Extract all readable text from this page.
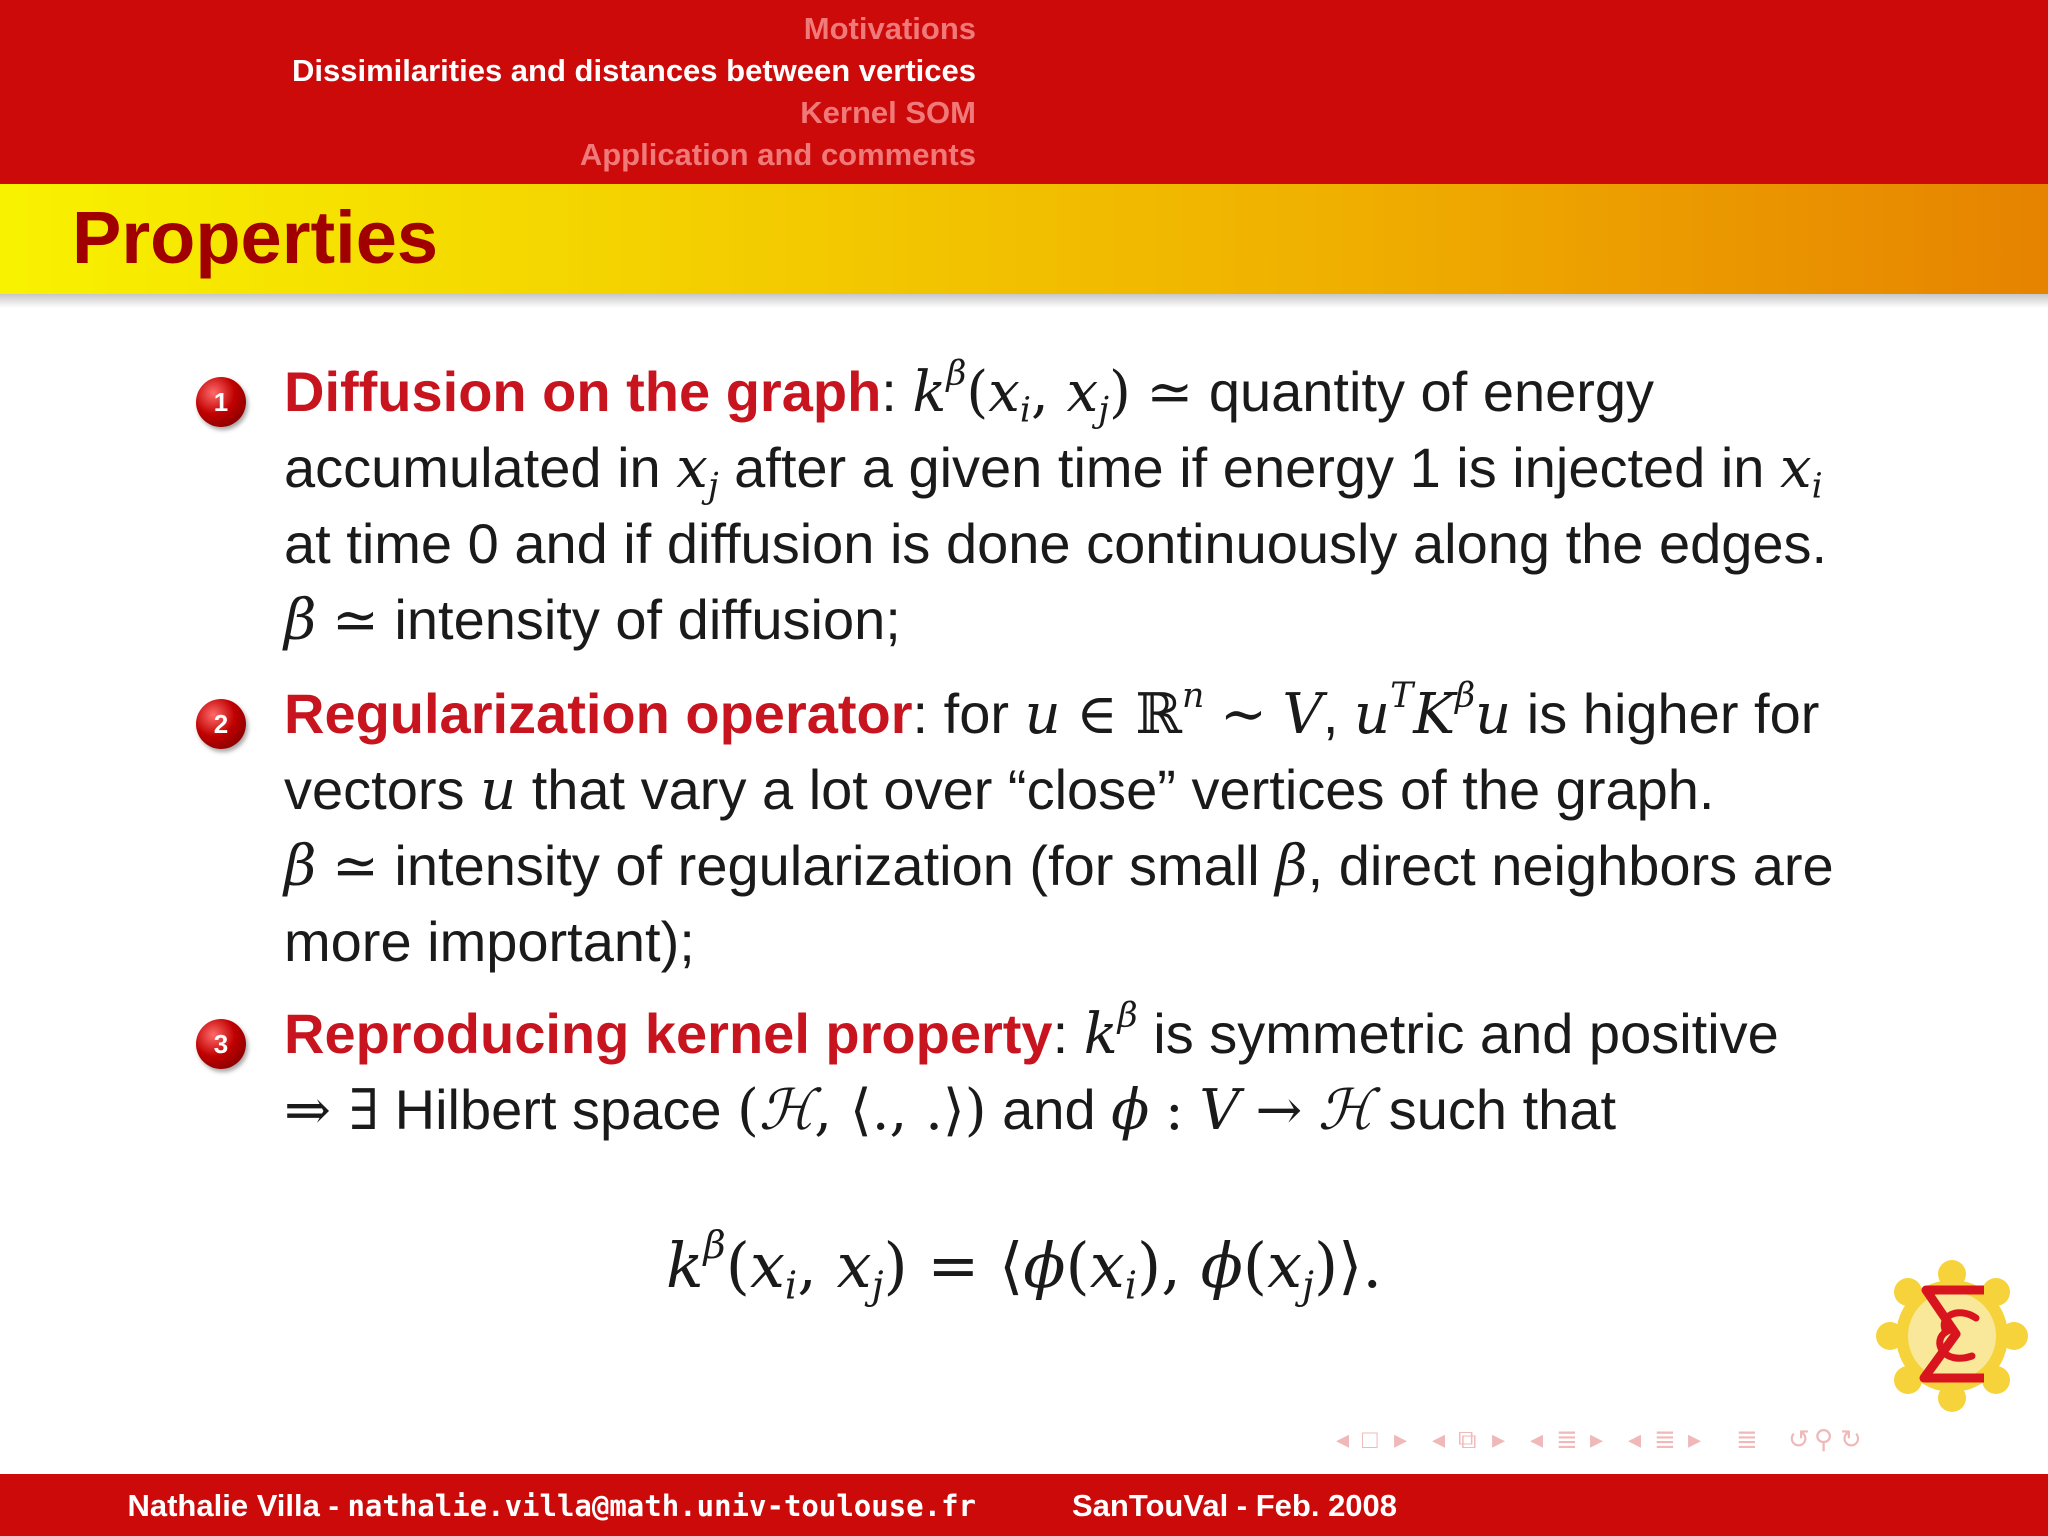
Motivations
Dissimilarities and distances between vertices
Kernel SOM
Application and comments
Properties
1 Diffusion on the graph: $k^\beta(x_i$, $x_j$) ≃ quantity of energy
accumulated in $x_j$ after a given time if energy 1 is injected in $x_i$
at time 0 and if diffusion is done continuously along the edges.
β ≃ intensity of diffusion;
2 Regularization operator: for u ∈ ℝ$^n$ ∼ V, $u^TK^\beta u$ is higher for
vectors u that vary a lot over “close” vertices of the graph.
β ≃ intensity of regularization (for small β, direct neighbors are
more important);
3 Reproducing kernel property: $k^\beta$ is symmetric and positive
⇒ ∃ Hilbert space (ℋ, ⟨., .⟩) and ϕ : V → ℋ such that
$k^\beta(x_i$, $x_j$) = $⟨\phi(x_i)$, $\phi(x_j)⟩$.
◂ □ ▸ ◂ ⧉ ▸ ◂ ≣ ▸ ◂ ≣ ▸ ≣ ↺ ⚲ ↻
Nathalie Villa - nathalie.villa@math.univ-toulouse.fr	SanTouVal - Feb. 2008
